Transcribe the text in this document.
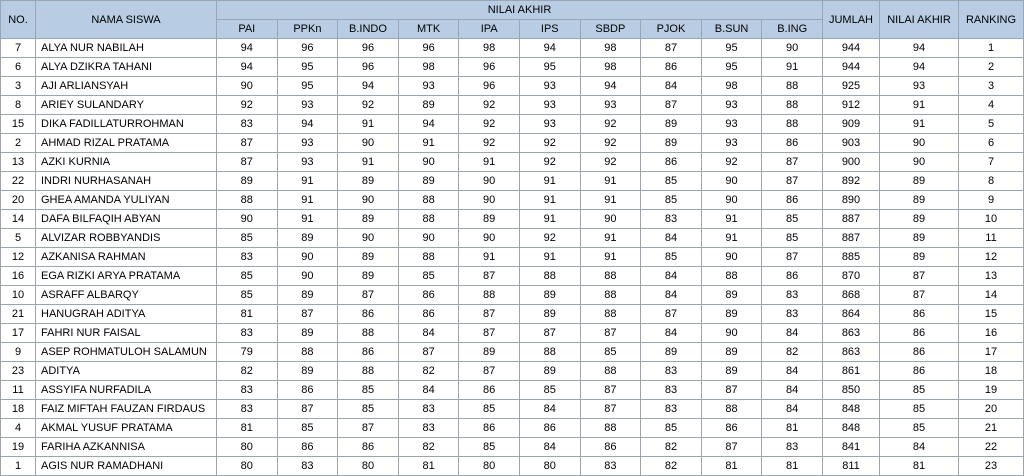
NO.	NAMA SISWA	NILAI AKHIR										JUMLAH	NILAI AKHIR	RANKING
		PAI	PPKn	B.INDO	MTK	IPA	IPS	SBDP	PJOK	B.SUN	B.ING			
7	ALYA NUR NABILAH	94	96	96	96	98	94	98	87	95	90	944	94	1
6	ALYA DZIKRA TAHANI	94	95	96	98	96	95	98	86	95	91	944	94	2
3	AJI ARLIANSYAH	90	95	94	93	96	93	94	84	98	88	925	93	3
8	ARIEY SULANDARY	92	93	92	89	92	93	93	87	93	88	912	91	4
15	DIKA FADILLATURROHMAN	83	94	91	94	92	93	92	89	93	88	909	91	5
2	AHMAD RIZAL PRATAMA	87	93	90	91	92	92	92	89	93	86	903	90	6
13	AZKI KURNIA	87	93	91	90	91	92	92	86	92	87	900	90	7
22	INDRI NURHASANAH	89	91	89	89	90	91	91	85	90	87	892	89	8
20	GHEA AMANDA YULIYAN	88	91	90	88	90	91	91	85	90	86	890	89	9
14	DAFA BILFAQIH ABYAN	90	91	89	88	89	91	90	83	91	85	887	89	10
5	ALVIZAR ROBBYANDIS	85	89	90	90	90	92	91	84	91	85	887	89	11
12	AZKANISA RAHMAN	83	90	89	88	91	91	91	85	90	87	885	89	12
16	EGA RIZKI ARYA PRATAMA	85	90	89	85	87	88	88	84	88	86	870	87	13
10	ASRAFF ALBARQY	85	89	87	86	88	89	88	84	89	83	868	87	14
21	HANUGRAH ADITYA	81	87	86	86	87	89	88	87	89	83	864	86	15
17	FAHRI NUR FAISAL	83	89	88	84	87	87	87	84	90	84	863	86	16
9	ASEP ROHMATULOH SALAMUN	79	88	86	87	89	88	85	89	89	82	863	86	17
23	ADITYA	82	89	88	82	87	89	88	83	89	84	861	86	18
11	ASSYIFA NURFADILA	83	86	85	84	86	85	87	83	87	84	850	85	19
18	FAIZ MIFTAH FAUZAN FIRDAUS	83	87	85	83	85	84	87	83	88	84	848	85	20
4	AKMAL YUSUF PRATAMA	81	85	87	83	86	86	88	85	86	81	848	85	21
19	FARIHA AZKANNISA	80	86	86	82	85	84	86	82	87	83	841	84	22
1	AGIS NUR RAMADHANI	80	83	80	81	80	80	83	82	81	81	811	81	23
